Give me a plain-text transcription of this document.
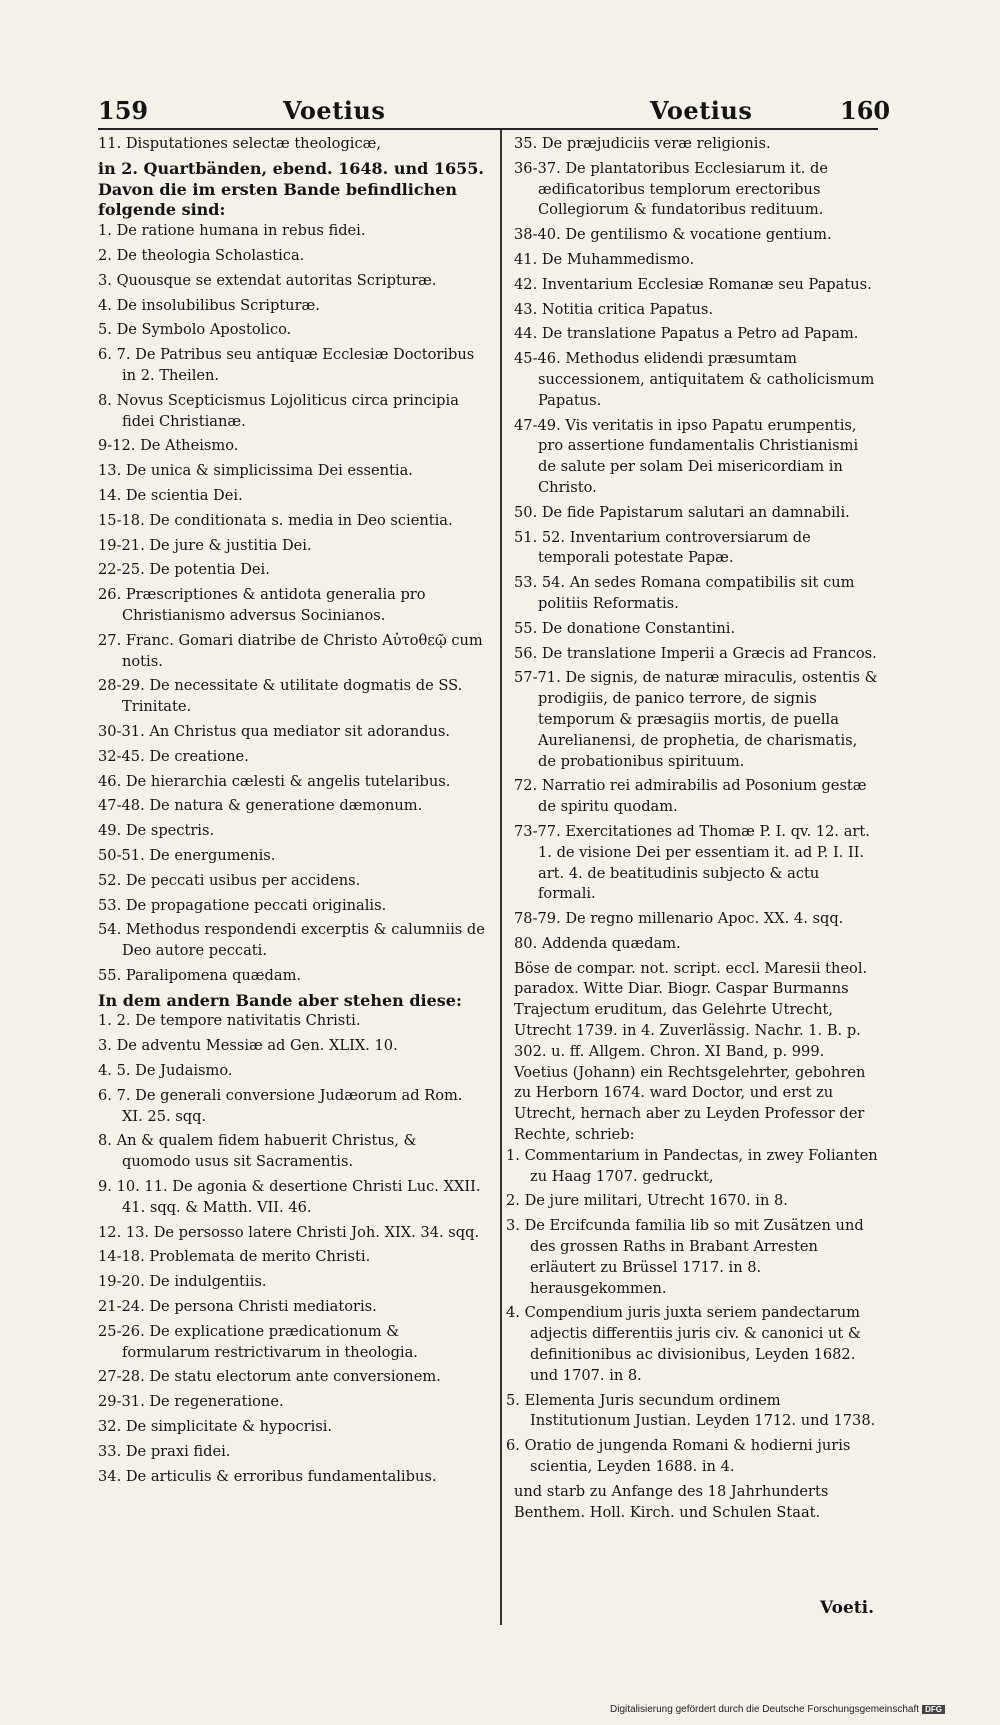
159	Voetius	Voetius	160

11. Disputationes selectæ theologicæ,

in 2. Quartbänden, ebend. 1648. und 1655. Davon die im ersten Bande befindlichen folgende sind:

1. De ratione humana in rebus fidei.

2. De theologia Scholastica.

3. Quousque se extendat autoritas Scripturæ.

4. De insolubilibus Scripturæ.

5. De Symbolo Apostolico.

6. 7. De Patribus seu antiquæ Ecclesiæ Doctoribus in 2. Theilen.

8. Novus Scepticismus Lojoliticus circa principia fidei Christianæ.

9-12. De Atheismo.

13. De unica & simplicissima Dei essentia.

14. De scientia Dei.

15-18. De conditionata s. media in Deo scientia.

19-21. De jure & justitia Dei.

22-25. De potentia Dei.

26. Præscriptiones & antidota generalia pro Christianismo adversus Socinianos.

27. Franc. Gomari diatribe de Christo Αὐτοθεῷ cum notis.

28-29. De necessitate & utilitate dogmatis de SS. Trinitate.

30-31. An Christus qua mediator sit adorandus.

32-45. De creatione.

46. De hierarchia cælesti & angelis tutelaribus.

47-48. De natura & generatione dæmonum.

49. De spectris.

50-51. De energumenis.

52. De peccati usibus per accidens.

53. De propagatione peccati originalis.

54. Methodus respondendi excerptis & calumniis de Deo autore peccati.

55. Paralipomena quædam.

In dem andern Bande aber stehen diese:

1. 2. De tempore nativitatis Christi.

3. De adventu Messiæ ad Gen. XLIX. 10.

4. 5. De Judaismo.

6. 7. De generali conversione Judæorum ad Rom. XI. 25. sqq.

8. An & qualem fidem habuerit Christus, & quomodo usus sit Sacramentis.

9. 10. 11. De agonia & desertione Christi Luc. XXII. 41. sqq. & Matth. VII. 46.

12. 13. De persosso latere Christi Joh. XIX. 34. sqq.

14-18. Problemata de merito Christi.

19-20. De indulgentiis.

21-24. De persona Christi mediatoris.

25-26. De explicatione prædicationum & formularum restrictivarum in theologia.

27-28. De statu electorum ante conversionem.

29-31. De regeneratione.

32. De simplicitate & hypocrisi.

33. De praxi fidei.

34. De articulis & erroribus fundamentalibus.

35. De præjudiciis veræ religionis.

36-37. De plantatoribus Ecclesiarum it. de ædificatoribus templorum erectoribus Collegiorum & fundatoribus redituum.

38-40. De gentilismo & vocatione gentium.

41. De Muhammedismo.

42. Inventarium Ecclesiæ Romanæ seu Papatus.

43. Notitia critica Papatus.

44. De translatione Papatus a Petro ad Papam.

45-46. Methodus elidendi præsumtam successionem, antiquitatem & catholicismum Papatus.

47-49. Vis veritatis in ipso Papatu erumpentis, pro assertione fundamentalis Christianismi de salute per solam Dei misericordiam in Christo.

50. De fide Papistarum salutari an damnabili.

51. 52. Inventarium controversiarum de temporali potestate Papæ.

53. 54. An sedes Romana compatibilis sit cum politiis Reformatis.

55. De donatione Constantini.

56. De translatione Imperii a Græcis ad Francos.

57-71. De signis, de naturæ miraculis, ostentis & prodigiis, de panico terrore, de signis temporum & præsagiis mortis, de puella Aurelianensi, de prophetia, de charismatis, de probationibus spirituum.

72. Narratio rei admirabilis ad Posonium gestæ de spiritu quodam.

73-77. Exercitationes ad Thomæ P. I. qv. 12. art. 1. de visione Dei per essentiam it. ad P. I. II. art. 4. de beatitudinis subjecto & actu formali.

78-79. De regno millenario Apoc. XX. 4. sqq.

80. Addenda quædam.

Böse de compar. not. script. eccl. Maresii theol. paradox. Witte Diar. Biogr. Caspar Burmanns Trajectum eruditum, das Gelehrte Utrecht, Utrecht 1739. in 4. Zuverlässig. Nachr. 1. B. p. 302. u. ff. Allgem. Chron. XI Band, p. 999.

Voetius (Johann) ein Rechtsgelehrter, gebohren zu Herborn 1674. ward Doctor, und erst zu Utrecht, hernach aber zu Leyden Professor der Rechte, schrieb:

1. Commentarium in Pandectas, in zwey Folianten zu Haag 1707. gedruckt,

2. De jure militari, Utrecht 1670. in 8.

3. De Ercifcunda familia lib so mit Zusätzen und des grossen Raths in Brabant Arresten erläutert zu Brüssel 1717. in 8. herausgekommen.

4. Compendium juris juxta seriem pandectarum adjectis differentiis juris civ. & canonici ut & definitionibus ac divisionibus, Leyden 1682. und 1707. in 8.

5. Elementa Juris secundum ordinem Institutionum Justian. Leyden 1712. und 1738.

6. Oratio de jungenda Romani & hodierni juris scientia, Leyden 1688. in 4.

und starb zu Anfange des 18 Jahrhunderts Benthem. Holl. Kirch. und Schulen Staat.

Voeti.
Digitalisierung gefördert durch die Deutsche Forschungsgemeinschaft DFG
